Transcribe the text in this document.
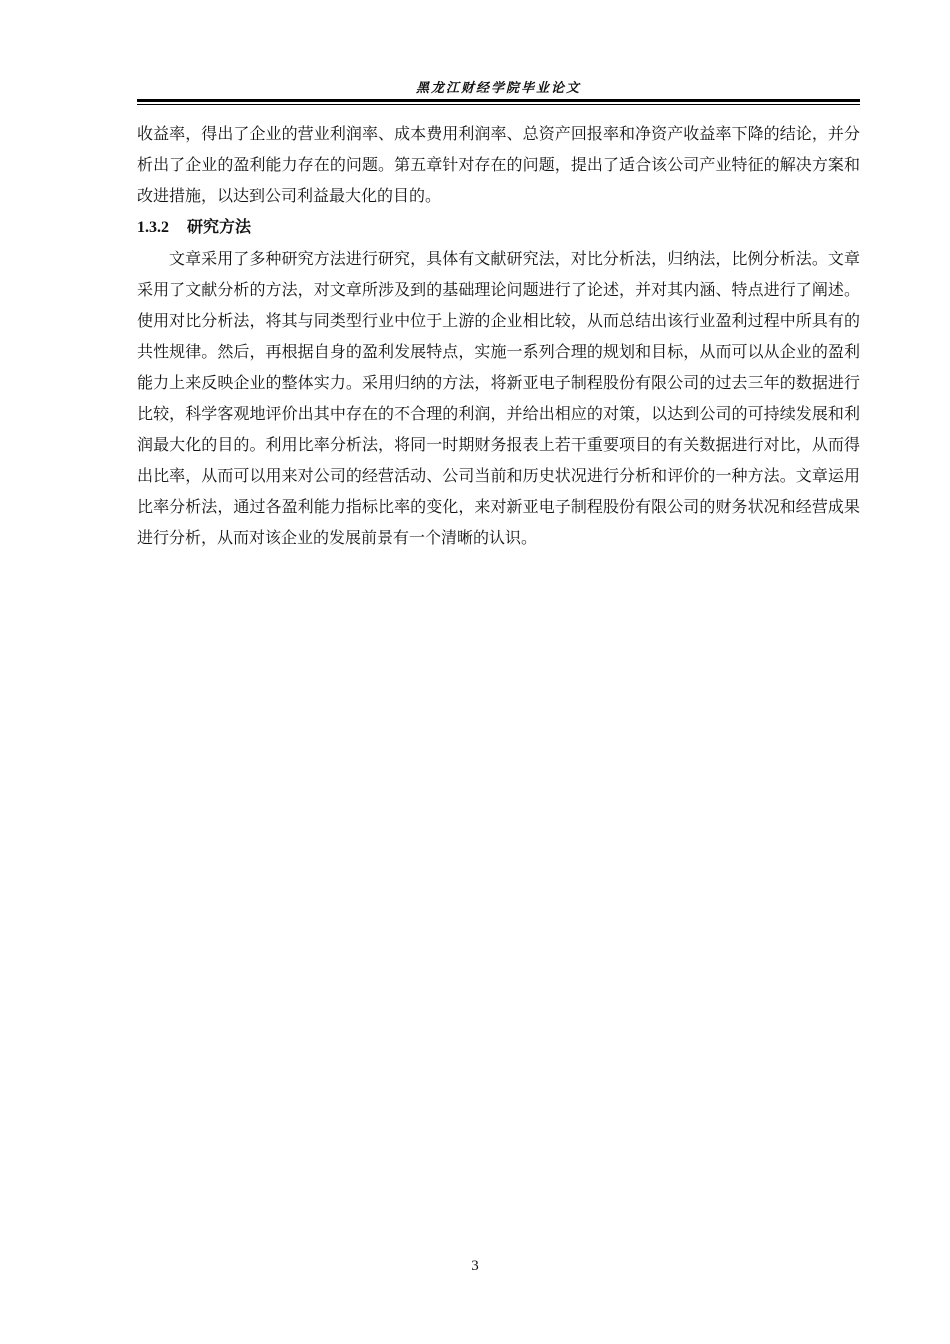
黑龙江财经学院毕业论文

收益率，得出了企业的营业利润率、成本费用利润率、总资产回报率和净资产收益率下降的结论，并分析出了企业的盈利能力存在的问题。第五章针对存在的问题，提出了适合该公司产业特征的解决方案和改进措施，以达到公司利益最大化的目的。

1.3.2 研究方法

文章采用了多种研究方法进行研究，具体有文献研究法，对比分析法，归纳法，比例分析法。文章采用了文献分析的方法，对文章所涉及到的基础理论问题进行了论述，并对其内涵、特点进行了阐述。使用对比分析法，将其与同类型行业中位于上游的企业相比较，从而总结出该行业盈利过程中所具有的共性规律。然后，再根据自身的盈利发展特点，实施一系列合理的规划和目标，从而可以从企业的盈利能力上来反映企业的整体实力。采用归纳的方法，将新亚电子制程股份有限公司的过去三年的数据进行比较，科学客观地评价出其中存在的不合理的利润，并给出相应的对策，以达到公司的可持续发展和利润最大化的目的。利用比率分析法，将同一时期财务报表上若干重要项目的有关数据进行对比，从而得出比率，从而可以用来对公司的经营活动、公司当前和历史状况进行分析和评价的一种方法。文章运用比率分析法，通过各盈利能力指标比率的变化，来对新亚电子制程股份有限公司的财务状况和经营成果进行分析，从而对该企业的发展前景有一个清晰的认识。

3
